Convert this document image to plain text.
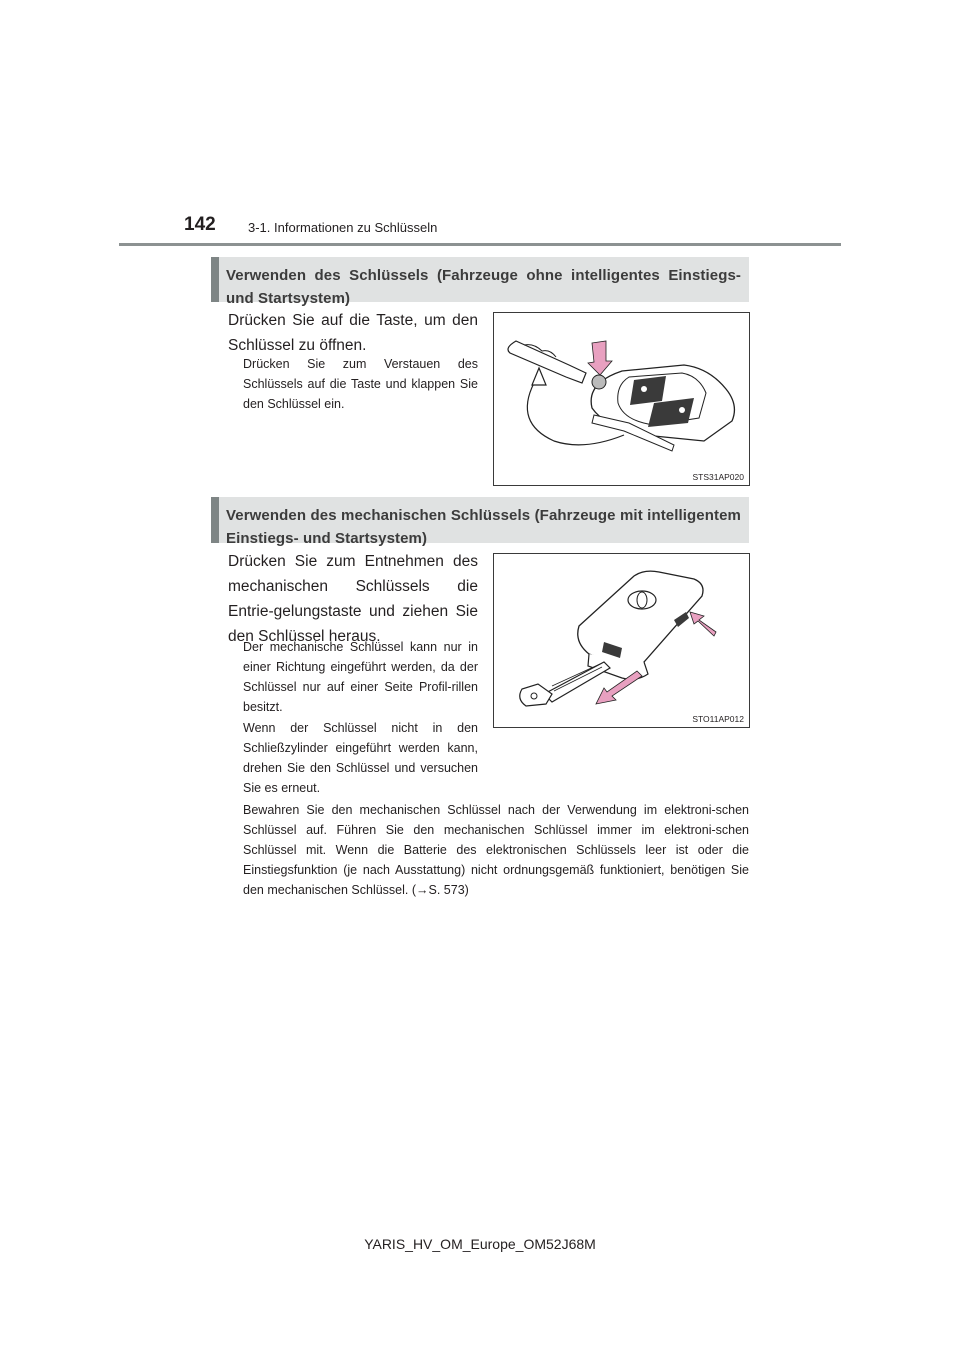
142 3-1. Informationen zu Schlüsseln
Verwenden des Schlüssels (Fahrzeuge ohne intelligentes Einstiegs- und Startsystem)
Drücken Sie auf die Taste, um den Schlüssel zu öffnen.
Drücken Sie zum Verstauen des Schlüssels auf die Taste und klappen Sie den Schlüssel ein.
STS31AP020
Verwenden des mechanischen Schlüssels (Fahrzeuge mit intelligentem Einstiegs- und Startsystem)
Drücken Sie zum Entnehmen des mechanischen Schlüssels die Entrie-gelungstaste und ziehen Sie den Schlüssel heraus.
Der mechanische Schlüssel kann nur in einer Richtung eingeführt werden, da der Schlüssel nur auf einer Seite Profil-rillen besitzt.
Wenn der Schlüssel nicht in den Schließzylinder eingeführt werden kann, drehen Sie den Schlüssel und versuchen Sie es erneut.
Bewahren Sie den mechanischen Schlüssel nach der Verwendung im elektroni-schen Schlüssel auf. Führen Sie den mechanischen Schlüssel immer im elektroni-schen Schlüssel mit. Wenn die Batterie des elektronischen Schlüssels leer ist oder die Einstiegsfunktion (je nach Ausstattung) nicht ordnungsgemäß funktioniert, benötigen Sie den mechanischen Schlüssel. (→S. 573)
STO11AP012
YARIS_HV_OM_Europe_OM52J68M
